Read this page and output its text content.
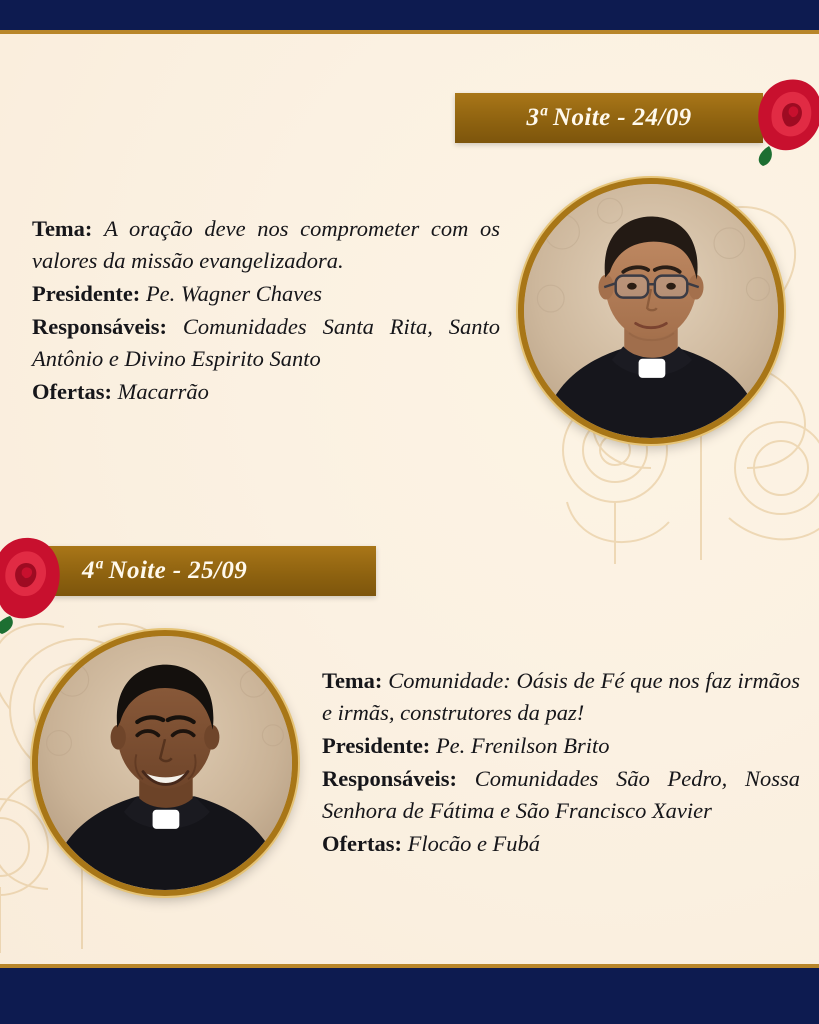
3ª Noite - 24/09

Tema: A oração deve nos comprometer com os valores da missão evangelizadora.

Presidente: Pe. Wagner Chaves

Responsáveis: Comunidades Santa Rita, Santo Antônio e Divino Espirito Santo

Ofertas: Macarrão

4ª Noite - 25/09

Tema: Comunidade: Oásis de Fé que nos faz irmãos e irmãs, construtores da paz!

Presidente: Pe. Frenilson Brito

Responsáveis: Comunidades São Pedro, Nossa Senhora de Fátima e São Francisco Xavier

Ofertas: Flocão e Fubá
